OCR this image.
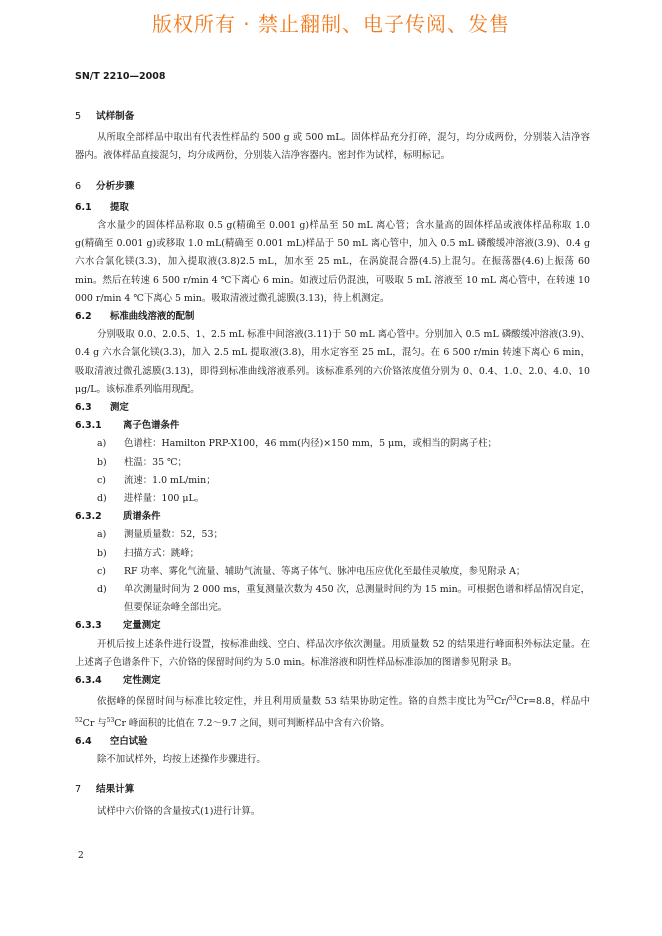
版权所有 · 禁止翻制、电子传阅、发售
SN/T 2210—2008
5 试样制备

从所取全部样品中取出有代表性样品约 500 g 或 500 mL。固体样品充分打碎，混匀，均分成两份，分别装入洁净容器内。液体样品直接混匀，均分成两份，分别装入洁净容器内。密封作为试样，标明标记。

6 分析步骤
6.1 提取

含水量少的固体样品称取 0.5 g(精确至 0.001 g)样品至 50 mL 离心管；含水量高的固体样品或液体样品称取 1.0 g(精确至 0.001 g)或移取 1.0 mL(精确至 0.001 mL)样品于 50 mL 离心管中，加入 0.5 mL 磷酸缓冲溶液(3.9)、0.4 g 六水合氯化镁(3.3)，加入提取液(3.8)2.5 mL，加水至 25 mL，在涡旋混合器(4.5)上混匀。在振荡器(4.6)上振荡 60 min。然后在转速 6 500 r/min 4 ℃下离心 6 min。如液过后仍混浊，可吸取 5 mL 溶液至 10 mL 离心管中，在转速 10 000 r/min 4 ℃下离心 5 min。吸取清液过微孔滤膜(3.13)，待上机测定。

6.2 标准曲线溶液的配制

分别吸取 0.0、2.0.5、1、2.5 mL 标准中间溶液(3.11)于 50 mL 离心管中。分别加入 0.5 mL 磷酸缓冲溶液(3.9)、0.4 g 六水合氯化镁(3.3)，加入 2.5 mL 提取液(3.8)，用水定容至 25 mL，混匀。在 6 500 r/min 转速下离心 6 min，吸取清液过微孔滤膜(3.13)，即得到标准曲线溶液系列。该标准系列的六价铬浓度值分别为 0、0.4、1.0、2.0、4.0、10 μg/L。该标准系列临用现配。

6.3 测定
6.3.1 离子色谱条件
a)	色谱柱：Hamilton PRP-X100，46 mm(内径)×150 mm，5 μm，或相当的阴离子柱；
b)	柱温：35 ℃；
c)	流速：1.0 mL/min；
d)	进样量：100 μL。
6.3.2 质谱条件
a)	测量质量数：52，53；
b)	扫描方式：跳峰；
c)	RF 功率、雾化气流量、辅助气流量、等离子体气、脉冲电压应优化至最佳灵敏度，参见附录 A；
d)	单次测量时间为 2 000 ms，重复测量次数为 450 次，总测量时间约为 15 min。可根据色谱和样品情况自定，但要保证杂峰全部出完。
6.3.3 定量测定

开机后按上述条件进行设置，按标准曲线、空白、样品次序依次测量。用质量数 52 的结果进行峰面积外标法定量。在上述离子色谱条件下，六价铬的保留时间约为 5.0 min。标准溶液和阴性样品标准添加的图谱参见附录 B。

6.3.4 定性测定

依据峰的保留时间与标准比较定性，并且利用质量数 53 结果协助定性。铬的自然丰度比为$^{52}$Cr/$^{53}$Cr=8.8，样品中$^{52}$Cr 与$^{53}$Cr 峰面积的比值在 7.2～9.7 之间，则可判断样品中含有六价铬。

6.4 空白试验

除不加试样外，均按上述操作步骤进行。

7 结果计算

试样中六价铬的含量按式(1)进行计算。

2
